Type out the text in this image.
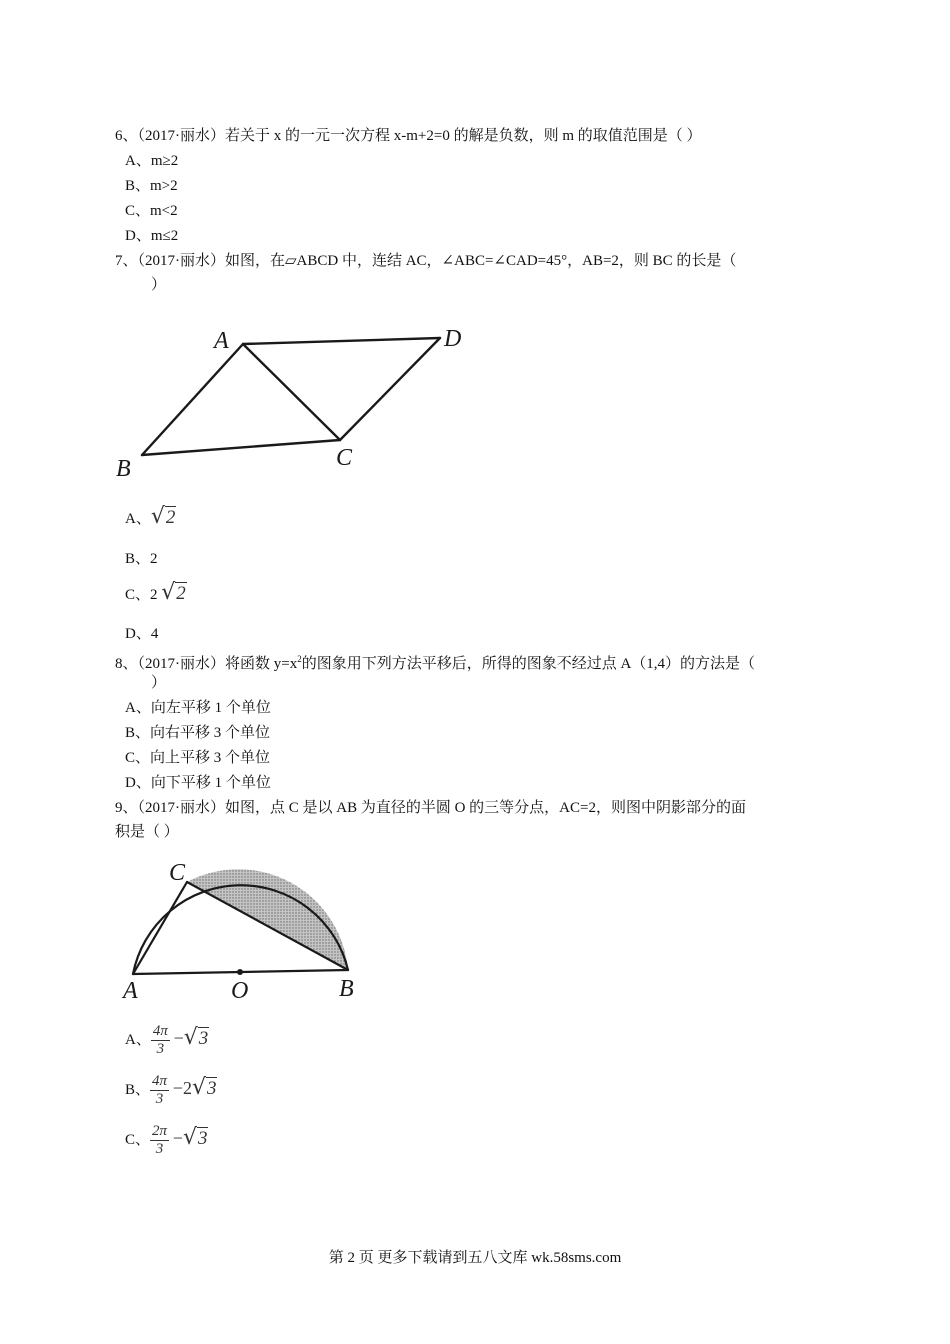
6、（2017·丽水）若关于 x 的一元一次方程 x-m+2=0 的解是负数，则 m 的取值范围是（ ）
A、m≥2
B、m>2
C、m<2
D、m≤2
7、（2017·丽水）如图，在▱ABCD 中，连结 AC，∠ABC=∠CAD=45°，AB=2，则 BC 的长是（
）
A	D
B	C
A、√2
B、2
C、2 √2
D、4
8、（2017·丽水）将函数 $y=x^2$的图象用下列方法平移后，所得的图象不经过点 A（1,4）的方法是（
）
A、向左平移 1 个单位
B、向右平移 3 个单位
C、向上平移 3 个单位
D、向下平移 1 个单位
9、（2017·丽水）如图，点 C 是以 AB 为直径的半圆 O 的三等分点，AC=2，则图中阴影部分的面
积是（ ）
C
A	O	B
A、 $\frac{4\pi}{3} -√3$
B、 $\frac{4\pi}{3} -2√3$
C、 $\frac{2\pi}{3} -√3$
第 2 页 更多下载请到五八文库 wk.58sms.com
